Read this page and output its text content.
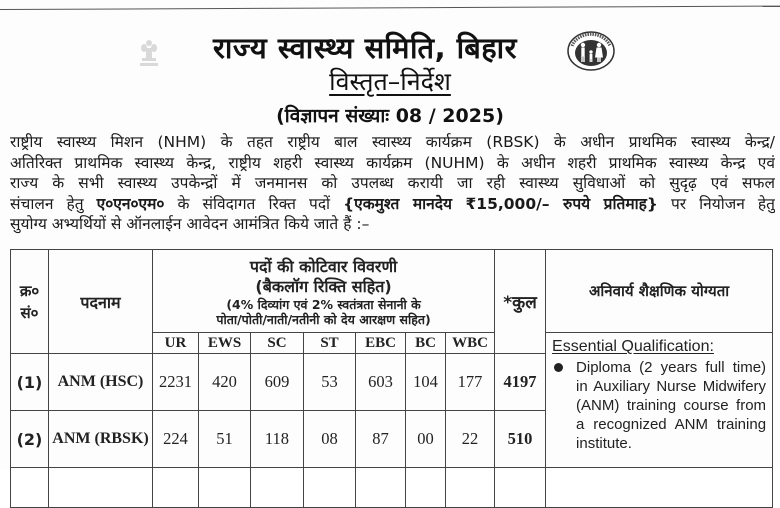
राज्य स्वास्थ्य समिति, बिहार
विस्तृत–निर्देश
(विज्ञापन संख्याः 08 / 2025)
राष्ट्रीय स्वास्थ्य मिशन (NHM) के तहत राष्ट्रीय बाल स्वास्थ्य कार्यक्रम (RBSK) के अधीन प्राथमिक स्वास्थ्य केन्द्र/
अतिरिक्त प्राथमिक स्वास्थ्य केन्द्र, राष्ट्रीय शहरी स्वास्थ्य कार्यक्रम (NUHM) के अधीन शहरी प्राथमिक स्वास्थ्य केन्द्र एवं
राज्य के सभी स्वास्थ्य उपकेन्द्रों में जनमानस को उपलब्ध करायी जा रही स्वास्थ्य सुविधाओं को सुदृढ़ एवं सफल
संचालन हेतु ए०एन०एम० के संविदागत रिक्त पदों {एकमुश्त मानदेय ₹15,000/– रुपये प्रतिमाह} पर नियोजन हेतु
सुयोग्य अभ्यर्थियों से ऑनलाईन आवेदन आमंत्रित किये जाते हैं :–
क्र०
सं०	पदनाम	पदों की कोटिवार विवरणी
(बैकलॉग रिक्ति सहित)
(4% दिव्यांग एवं 2% स्वतंत्रता सेनानी के
पोता/पोती/नाती/नतीनी को देय आरक्षण सहित)							*कुल	अनिवार्य शैक्षणिक योग्यता
		UR	EWS	SC	ST	EBC	BC	WBC		Essential Qualification:
Diploma (2 years full time) in Auxiliary Nurse Midwifery (ANM) training course from a recognized ANM training institute.

(1)	ANM (HSC)	2231	420	609	53	603	104	177	4197	
(2)	ANM (RBSK)	224	51	118	08	87	00	22	510	
